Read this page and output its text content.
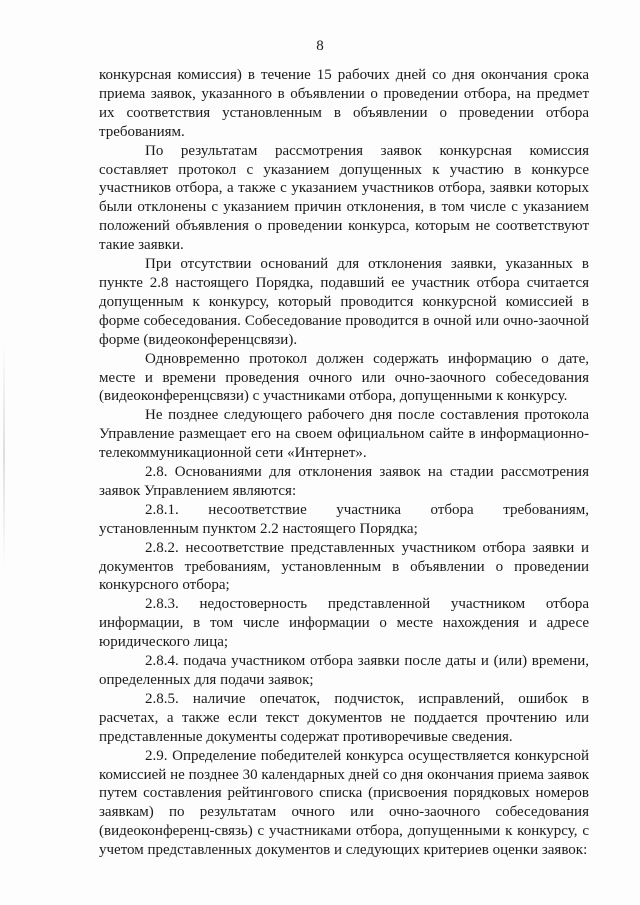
8

конкурсная комиссия) в течение 15 рабочих дней со дня окончания срока приема заявок, указанного в объявлении о проведении отбора, на предмет их соответствия установленным в объявлении о проведении отбора требованиям.

По результатам рассмотрения заявок конкурсная комиссия составляет протокол с указанием допущенных к участию в конкурсе участников отбора, а также с указанием участников отбора, заявки которых были отклонены с указанием причин отклонения, в том числе с указанием положений объявления о проведении конкурса, которым не соответствуют такие заявки.

При отсутствии оснований для отклонения заявки, указанных в пункте 2.8 настоящего Порядка, подавший ее участник отбора считается допущенным к конкурсу, который проводится конкурсной комиссией в форме собеседования. Собеседование проводится в очной или очно-заочной форме (видеоконференцсвязи).

Одновременно протокол должен содержать информацию о дате, месте и времени проведения очного или очно-заочного собеседования (видеоконференцсвязи) с участниками отбора, допущенными к конкурсу.

Не позднее следующего рабочего дня после составления протокола Управление размещает его на своем официальном сайте в информационно-телекоммуникационной сети «Интернет».

2.8. Основаниями для отклонения заявок на стадии рассмотрения заявок Управлением являются:

2.8.1. несоответствие участника отбора требованиям, установленным пунктом 2.2 настоящего Порядка;

2.8.2. несоответствие представленных участником отбора заявки и документов требованиям, установленным в объявлении о проведении конкурсного отбора;

2.8.3. недостоверность представленной участником отбора информации, в том числе информации о месте нахождения и адресе юридического лица;

2.8.4. подача участником отбора заявки после даты и (или) времени, определенных для подачи заявок;

2.8.5. наличие опечаток, подчисток, исправлений, ошибок в расчетах, а также если текст документов не поддается прочтению или представленные документы содержат противоречивые сведения.

2.9. Определение победителей конкурса осуществляется конкурсной комиссией не позднее 30 календарных дней со дня окончания приема заявок путем составления рейтингового списка (присвоения порядковых номеров заявкам) по результатам очного или очно-заочного собеседования (видеоконференц-связь) с участниками отбора, допущенными к конкурсу, с учетом представленных документов и следующих критериев оценки заявок:
